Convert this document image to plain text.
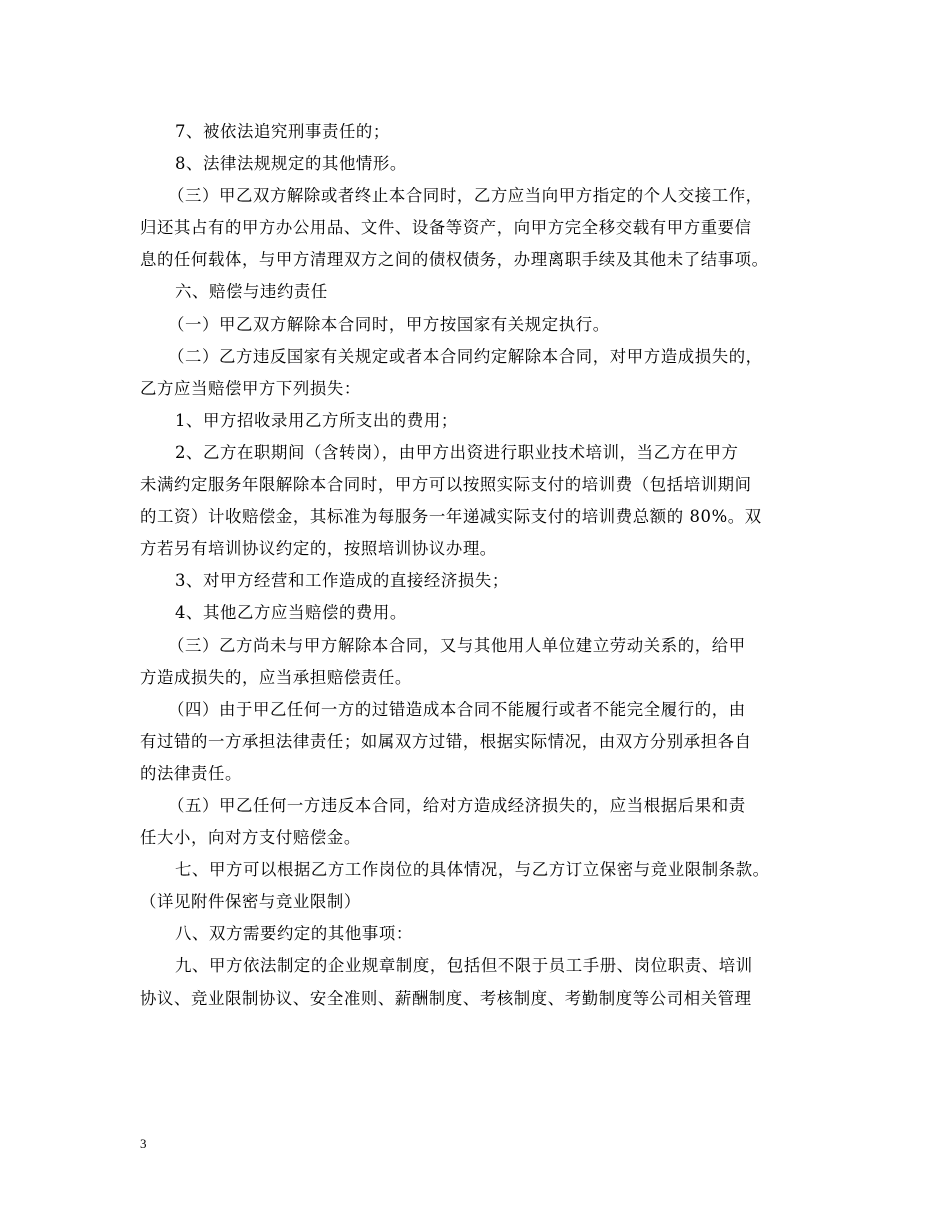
7、被依法追究刑事责任的；
8、法律法规规定的其他情形。
（三）甲乙双方解除或者终止本合同时，乙方应当向甲方指定的个人交接工作，
归还其占有的甲方办公用品、文件、设备等资产，向甲方完全移交载有甲方重要信
息的任何载体，与甲方清理双方之间的债权债务，办理离职手续及其他未了结事项。
六、赔偿与违约责任
（一）甲乙双方解除本合同时，甲方按国家有关规定执行。
（二）乙方违反国家有关规定或者本合同约定解除本合同，对甲方造成损失的，
乙方应当赔偿甲方下列损失：
1、甲方招收录用乙方所支出的费用；
2、乙方在职期间（含转岗），由甲方出资进行职业技术培训，当乙方在甲方
未满约定服务年限解除本合同时，甲方可以按照实际支付的培训费（包括培训期间
的工资）计收赔偿金，其标准为每服务一年递减实际支付的培训费总额的 80%。双
方若另有培训协议约定的，按照培训协议办理。
3、对甲方经营和工作造成的直接经济损失；
4、其他乙方应当赔偿的费用。
（三）乙方尚未与甲方解除本合同，又与其他用人单位建立劳动关系的，给甲
方造成损失的，应当承担赔偿责任。
（四）由于甲乙任何一方的过错造成本合同不能履行或者不能完全履行的，由
有过错的一方承担法律责任；如属双方过错，根据实际情况，由双方分别承担各自
的法律责任。
（五）甲乙任何一方违反本合同，给对方造成经济损失的，应当根据后果和责
任大小，向对方支付赔偿金。
七、甲方可以根据乙方工作岗位的具体情况，与乙方订立保密与竞业限制条款。
（详见附件保密与竞业限制）
八、双方需要约定的其他事项：
九、甲方依法制定的企业规章制度，包括但不限于员工手册、岗位职责、培训
协议、竞业限制协议、安全准则、薪酬制度、考核制度、考勤制度等公司相关管理
3
